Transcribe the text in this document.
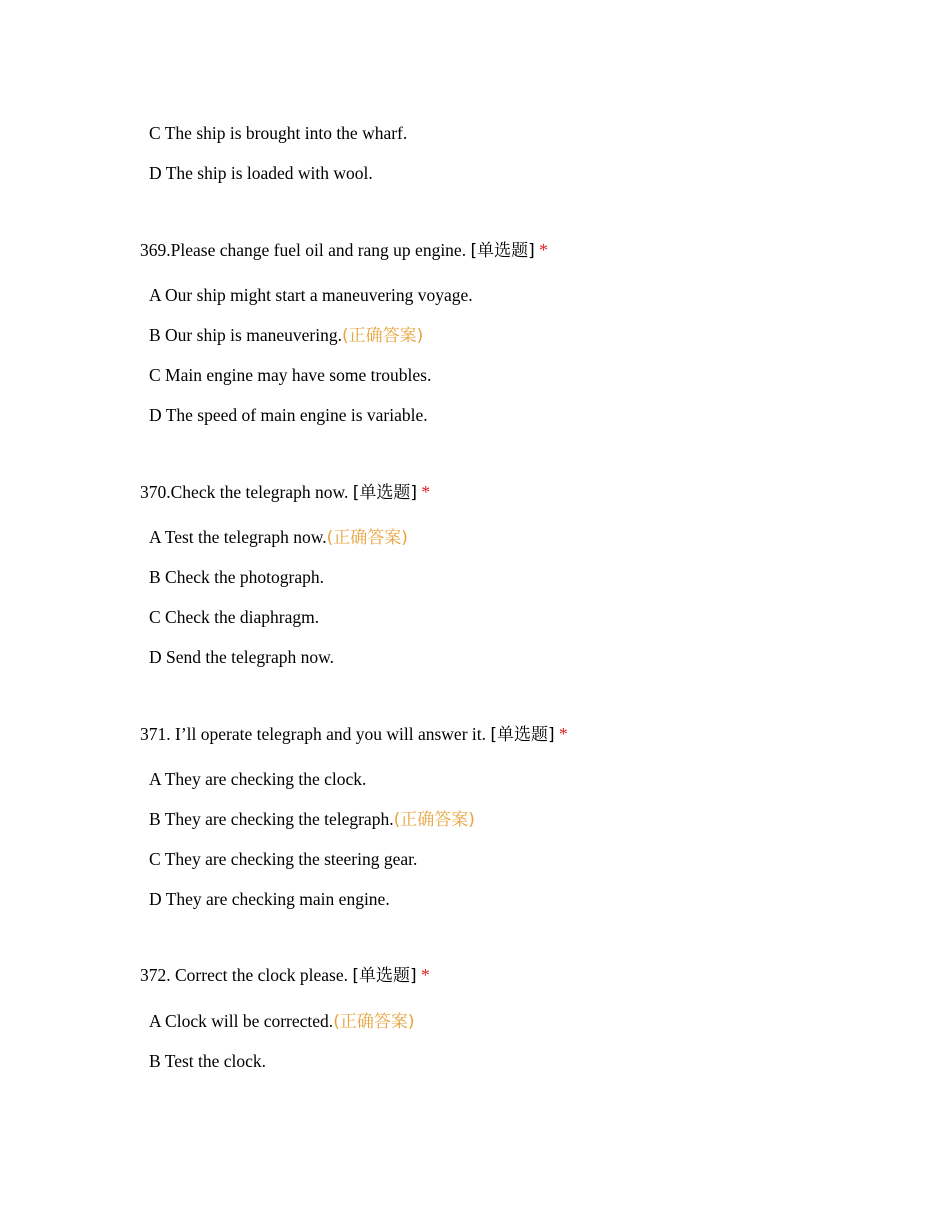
C The ship is brought into the wharf.
D The ship is loaded with wool.
369.Please change fuel oil and rang up engine. [单选题] *
A Our ship might start a maneuvering voyage.
B Our ship is maneuvering.(正确答案)
C Main engine may have some troubles.
D The speed of main engine is variable.
370.Check the telegraph now. [单选题] *
A Test the telegraph now.(正确答案)
B Check the photograph.
C Check the diaphragm.
D Send the telegraph now.
371. I’ll operate telegraph and you will answer it. [单选题] *
A They are checking the clock.
B They are checking the telegraph.(正确答案)
C They are checking the steering gear.
D They are checking main engine.
372. Correct the clock please. [单选题] *
A Clock will be corrected.(正确答案)
B Test the clock.
